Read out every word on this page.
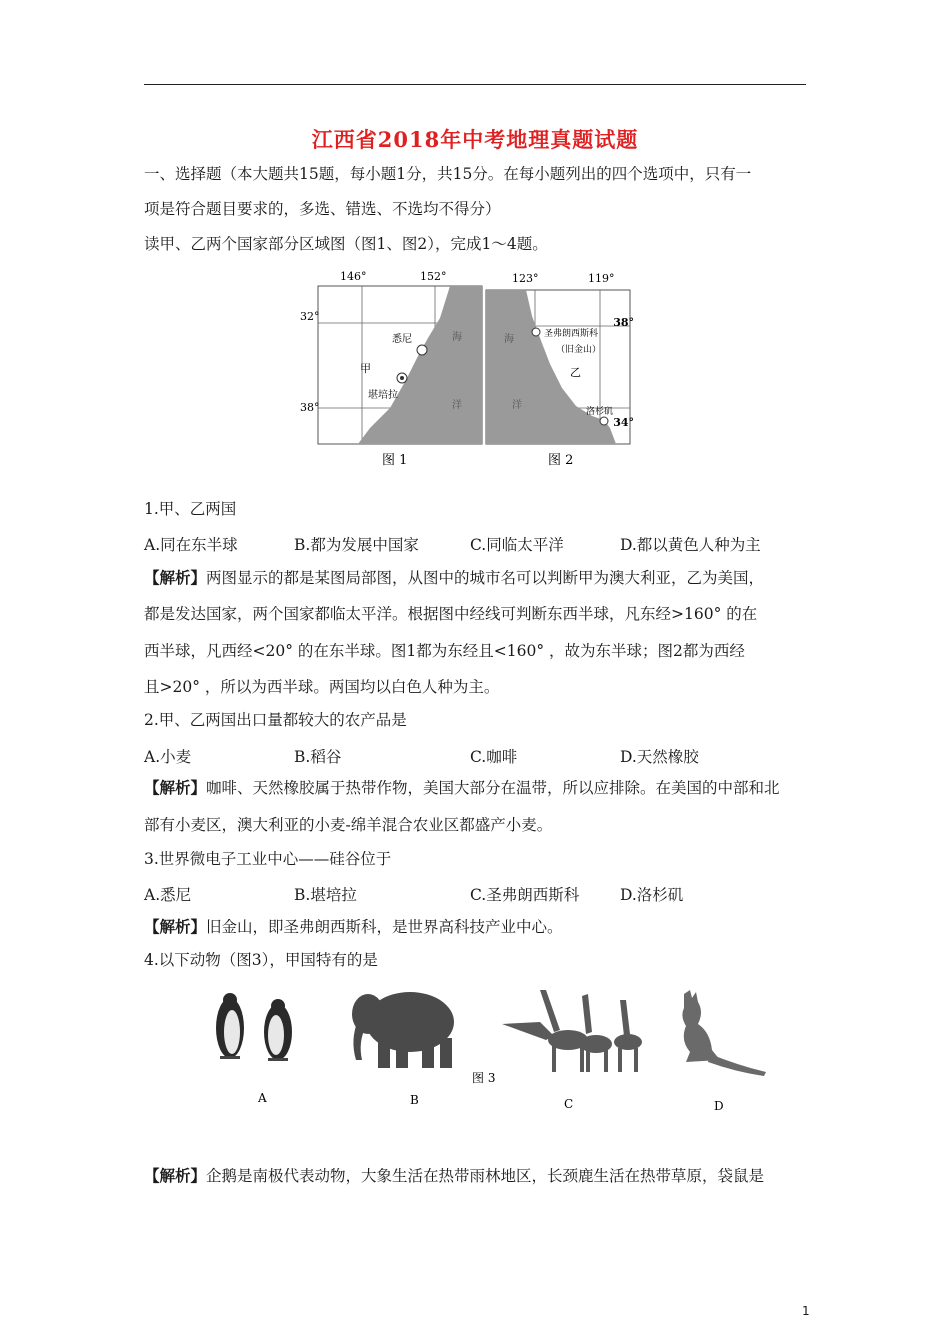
江西省2018年中考地理真题试题
一、选择题（本大题共15题，每小题1分，共15分。在每小题列出的四个选项中，只有一
项是符合题目要求的，多选、错选、不选均不得分）
读甲、乙两个国家部分区域图（图1、图2），完成1～4题。
146°	152°
32°
38°
悉尼
甲
堪培拉
海
洋
图 1
123°	119°
38°
34°
圣弗朗西斯科
（旧金山）
乙
洛杉矶
海
洋
图 2
1.甲、乙两国
A.同在东半球	B.都为发展中国家	C.同临太平洋	D.都以黄色人种为主
【解析】两图显示的都是某图局部图，从图中的城市名可以判断甲为澳大利亚，乙为美国，
都是发达国家，两个国家都临太平洋。根据图中经线可判断东西半球，凡东经>160° 的在
西半球，凡西经<20° 的在东半球。图1都为东经且<160° ，故为东半球；图2都为西经
且>20° ，所以为西半球。两国均以白色人种为主。
2.甲、乙两国出口量都较大的农产品是
A.小麦	B.稻谷	C.咖啡	D.天然橡胶
【解析】咖啡、天然橡胶属于热带作物，美国大部分在温带，所以应排除。在美国的中部和北
部有小麦区，澳大利亚的小麦-绵羊混合农业区都盛产小麦。
3.世界微电子工业中心——硅谷位于
A.悉尼	B.堪培拉	C.圣弗朗西斯科	D.洛杉矶
【解析】旧金山，即圣弗朗西斯科，是世界高科技产业中心。
4.以下动物（图3），甲国特有的是
图 3
A	B	C	D
【解析】企鹅是南极代表动物，大象生活在热带雨林地区，长颈鹿生活在热带草原，袋鼠是
1
